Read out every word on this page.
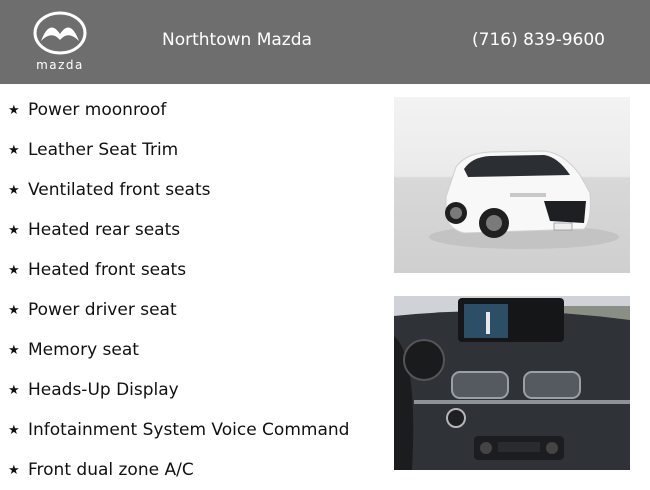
mazda
Northtown Mazda	(716) 839-9600
★ Power moonroof
★ Leather Seat Trim
★ Ventilated front seats
★ Heated rear seats
★ Heated front seats
★ Power driver seat
★ Memory seat
★ Heads-Up Display
★ Infotainment System Voice Command
★ Front dual zone A/C
